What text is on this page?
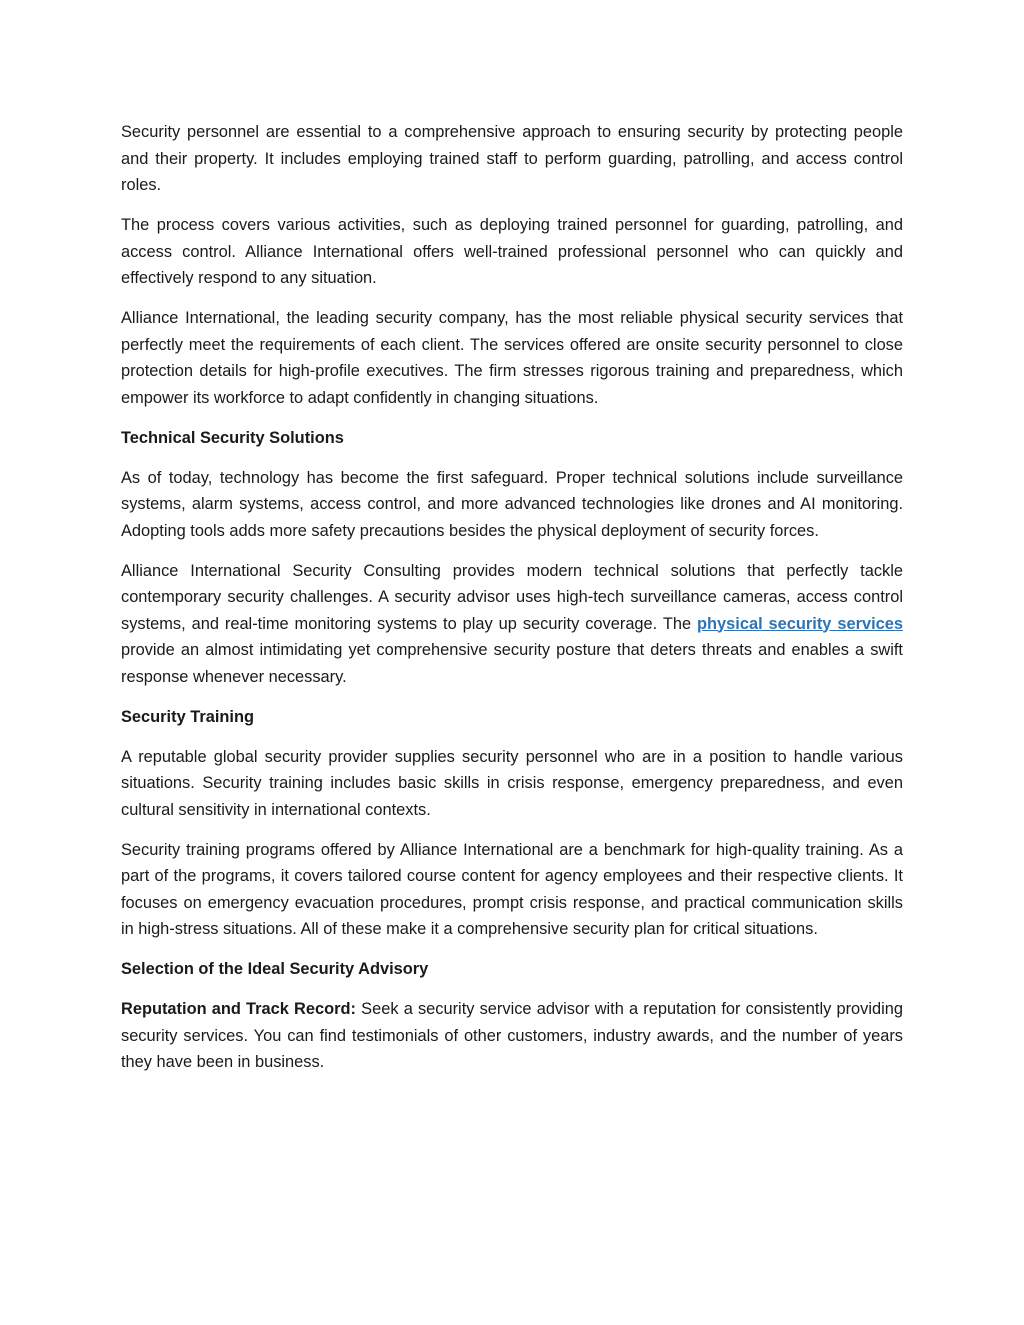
Security personnel are essential to a comprehensive approach to ensuring security by protecting people and their property. It includes employing trained staff to perform guarding, patrolling, and access control roles.

The process covers various activities, such as deploying trained personnel for guarding, patrolling, and access control. Alliance International offers well-trained professional personnel who can quickly and effectively respond to any situation.

Alliance International, the leading security company, has the most reliable physical security services that perfectly meet the requirements of each client. The services offered are onsite security personnel to close protection details for high-profile executives. The firm stresses rigorous training and preparedness, which empower its workforce to adapt confidently in changing situations.

Technical Security Solutions

As of today, technology has become the first safeguard. Proper technical solutions include surveillance systems, alarm systems, access control, and more advanced technologies like drones and AI monitoring. Adopting tools adds more safety precautions besides the physical deployment of security forces.

Alliance International Security Consulting provides modern technical solutions that perfectly tackle contemporary security challenges. A security advisor uses high-tech surveillance cameras, access control systems, and real-time monitoring systems to play up security coverage. The physical security services provide an almost intimidating yet comprehensive security posture that deters threats and enables a swift response whenever necessary.

Security Training

A reputable global security provider supplies security personnel who are in a position to handle various situations. Security training includes basic skills in crisis response, emergency preparedness, and even cultural sensitivity in international contexts.

Security training programs offered by Alliance International are a benchmark for high-quality training. As a part of the programs, it covers tailored course content for agency employees and their respective clients. It focuses on emergency evacuation procedures, prompt crisis response, and practical communication skills in high-stress situations. All of these make it a comprehensive security plan for critical situations.

Selection of the Ideal Security Advisory

Reputation and Track Record: Seek a security service advisor with a reputation for consistently providing security services. You can find testimonials of other customers, industry awards, and the number of years they have been in business.
